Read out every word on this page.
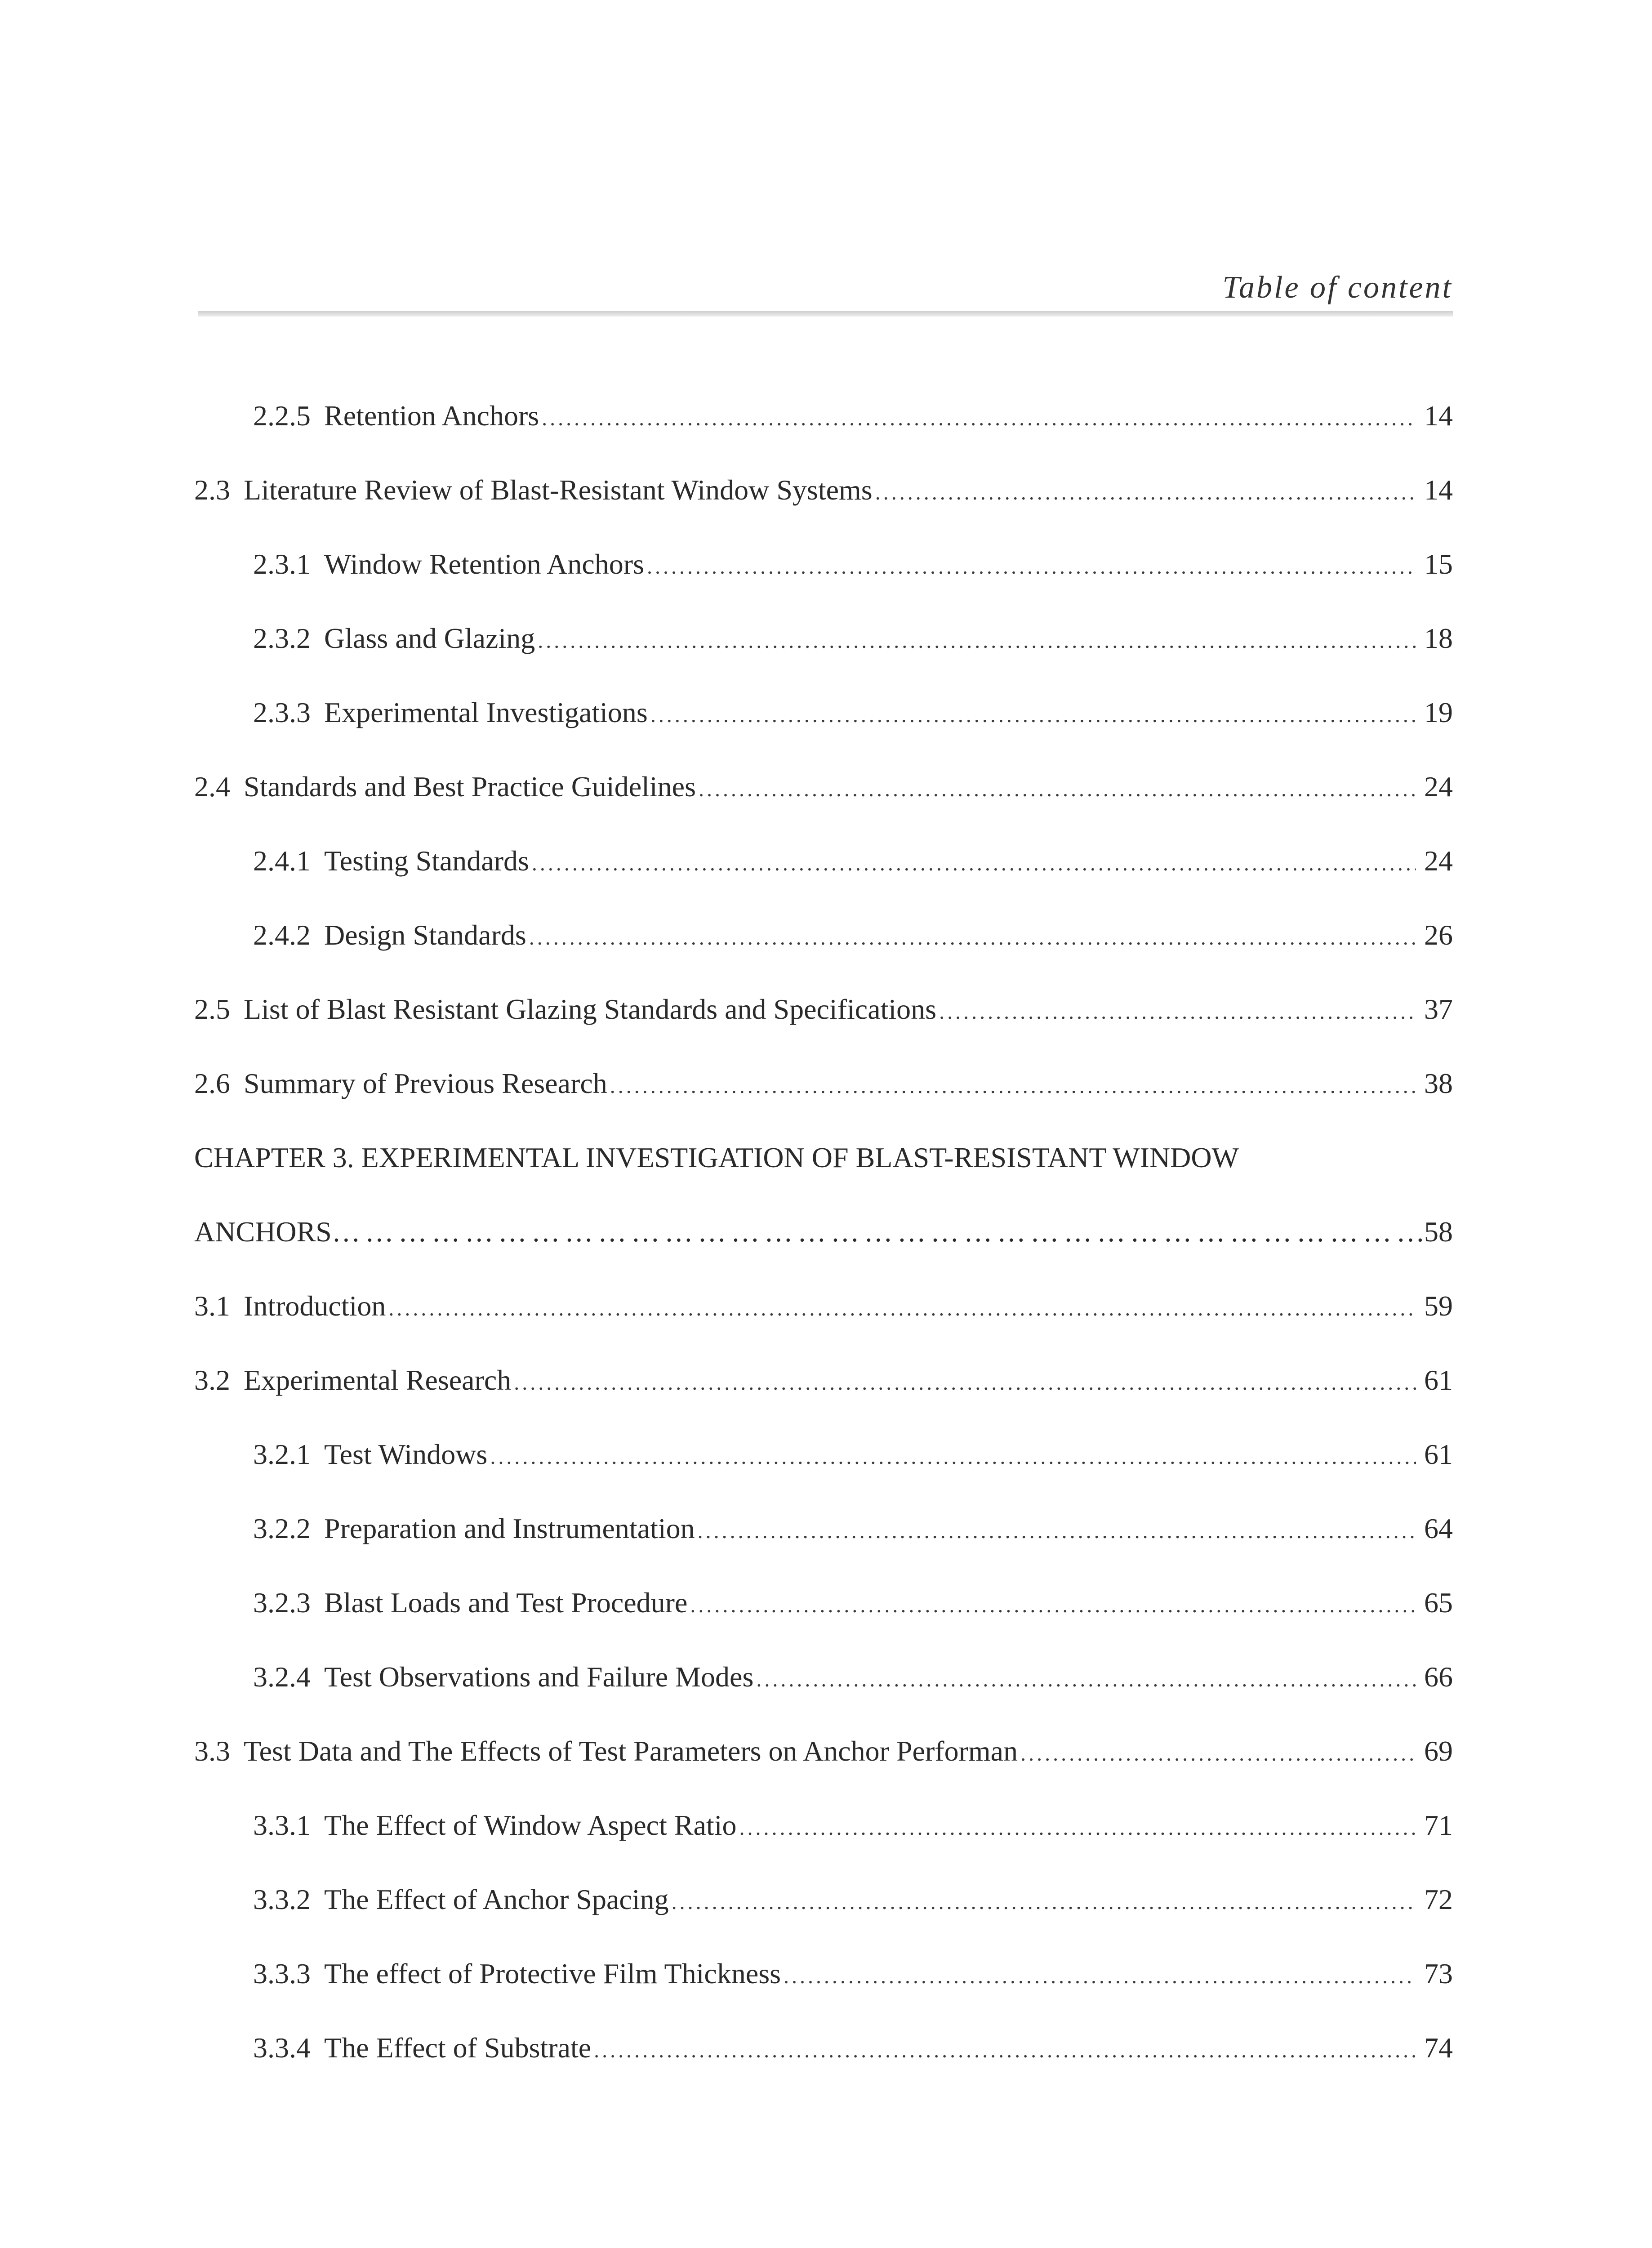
Table of content
2.2.5 Retention Anchors .....	14
2.3 Literature Review of Blast-Resistant Window Systems .....	14
2.3.1 Window Retention Anchors .....	15
2.3.2 Glass and Glazing .....	18
2.3.3 Experimental Investigations .....	19
2.4 Standards and Best Practice Guidelines .....	24
2.4.1 Testing Standards .....	24
2.4.2 Design Standards .....	26
2.5 List of Blast Resistant Glazing Standards and Specifications .....	37
2.6 Summary of Previous Research .....	38
CHAPTER 3. EXPERIMENTAL INVESTIGATION OF BLAST-RESISTANT WINDOW
ANCHORS ……………………………………………………………………………………………………………………………………………………………………………	58
3.1 Introduction .....	59
3.2 Experimental Research .....	61
3.2.1 Test Windows .....	61
3.2.2 Preparation and Instrumentation .....	64
3.2.3 Blast Loads and Test Procedure .....	65
3.2.4 Test Observations and Failure Modes .....	66
3.3 Test Data and The Effects of Test Parameters on Anchor Performan .....	69
3.3.1 The Effect of Window Aspect Ratio .....	71
3.3.2 The Effect of Anchor Spacing .....	72
3.3.3 The effect of Protective Film Thickness .....	73
3.3.4 The Effect of Substrate .....	74
